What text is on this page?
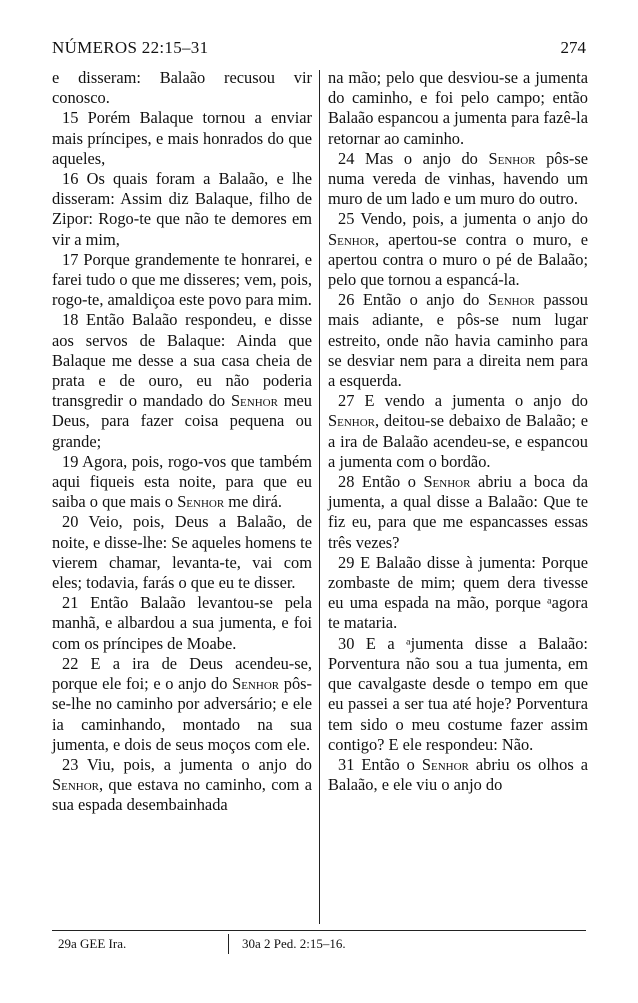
NÚMEROS 22:15–31	274

e disseram: Balaão recusou vir conosco.

15 Porém Balaque tornou a enviar mais príncipes, e mais honrados do que aqueles,

16 Os quais foram a Balaão, e lhe disseram: Assim diz Balaque, filho de Zipor: Rogo-te que não te demores em vir a mim,

17 Porque grandemente te honrarei, e farei tudo o que me disseres; vem, pois, rogo-te, amaldiçoa este povo para mim.

18 Então Balaão respondeu, e disse aos servos de Balaque: Ainda que Balaque me desse a sua casa cheia de prata e de ouro, eu não poderia transgredir o mandado do Senhor meu Deus, para fazer coisa pequena ou grande;

19 Agora, pois, rogo-vos que também aqui fiqueis esta noite, para que eu saiba o que mais o Senhor me dirá.

20 Veio, pois, Deus a Balaão, de noite, e disse-lhe: Se aqueles homens te vierem chamar, levanta-te, vai com eles; todavia, farás o que eu te disser.

21 Então Balaão levantou-se pela manhã, e albardou a sua jumenta, e foi com os príncipes de Moabe.

22 E a ira de Deus acendeu-se, porque ele foi; e o anjo do Senhor pôs-se-lhe no caminho por adversário; e ele ia caminhando, montado na sua jumenta, e dois de seus moços com ele.

23 Viu, pois, a jumenta o anjo do Senhor, que estava no caminho, com a sua espada desembainhada

na mão; pelo que desviou-se a jumenta do caminho, e foi pelo campo; então Balaão espancou a jumenta para fazê-la retornar ao caminho.

24 Mas o anjo do Senhor pôs-se numa vereda de vinhas, havendo um muro de um lado e um muro do outro.

25 Vendo, pois, a jumenta o anjo do Senhor, apertou-se contra o muro, e apertou contra o muro o pé de Balaão; pelo que tornou a espancá-la.

26 Então o anjo do Senhor passou mais adiante, e pôs-se num lugar estreito, onde não havia caminho para se desviar nem para a direita nem para a esquerda.

27 E vendo a jumenta o anjo do Senhor, deitou-se debaixo de Balaão; e a ira de Balaão acendeu-se, e espancou a jumenta com o bordão.

28 Então o Senhor abriu a boca da jumenta, a qual disse a Balaão: Que te fiz eu, para que me espancasses essas três vezes?

29 E Balaão disse à jumenta: Porque zombaste de mim; quem dera tivesse eu uma espada na mão, porque ᵃagora te mataria.

30 E a ᵃjumenta disse a Balaão: Porventura não sou a tua jumenta, em que cavalgaste desde o tempo em que eu passei a ser tua até hoje? Porventura tem sido o meu costume fazer assim contigo? E ele respondeu: Não.

31 Então o Senhor abriu os olhos a Balaão, e ele viu o anjo do

29a GEE Ira.	30a 2 Ped. 2:15–16.
